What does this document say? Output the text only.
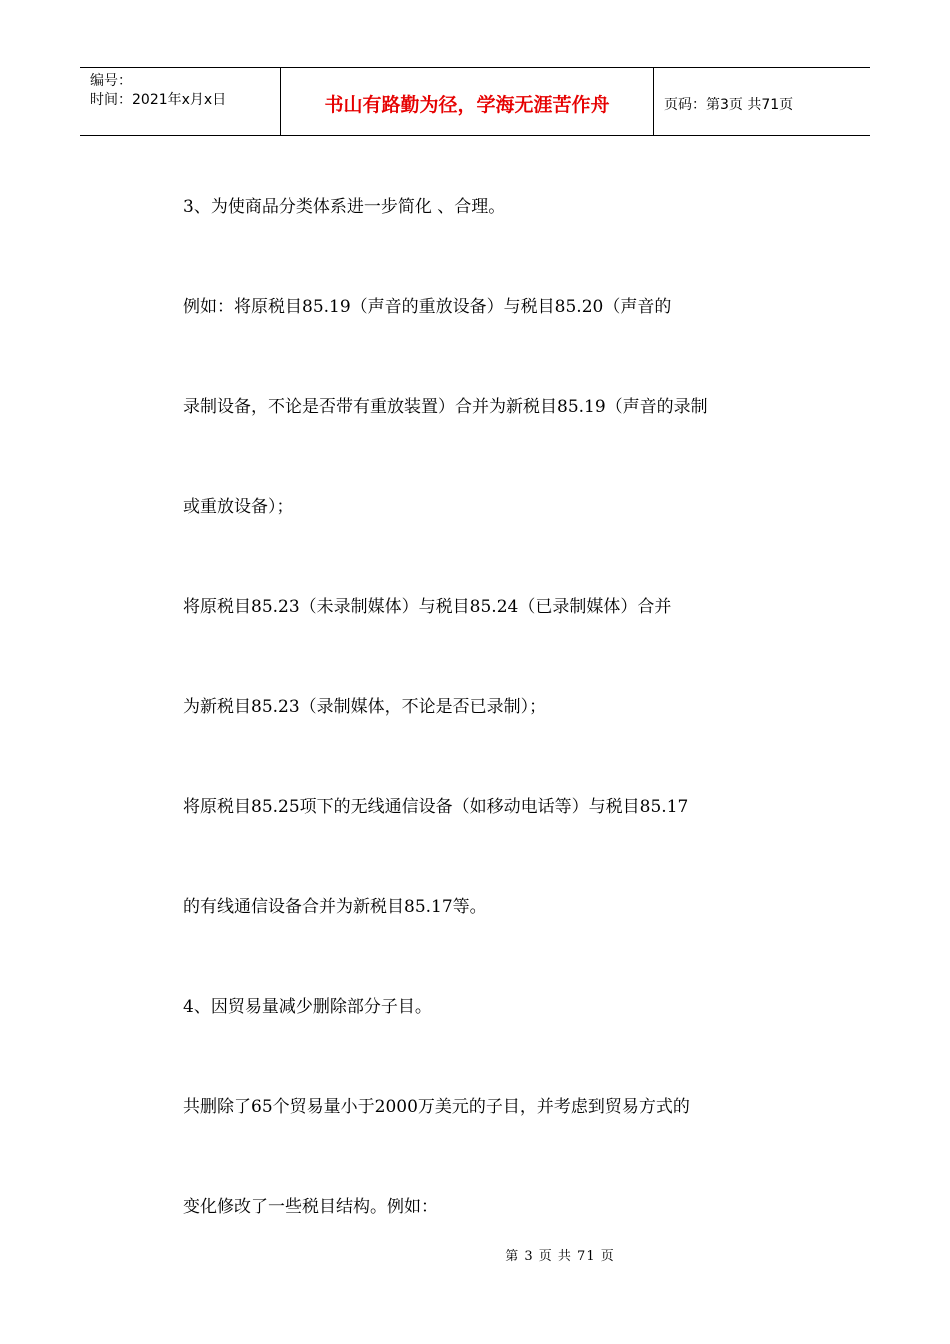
编号：
时间：2021年x月x日	书山有路勤为径，学海无涯苦作舟	页码：第3页 共71页

3、为使商品分类体系进一步简化 、合理。

例如：将原税目85.19（声音的重放设备）与税目85.20（声音的

录制设备，不论是否带有重放装置）合并为新税目85.19（声音的录制

或重放设备）；

将原税目85.23（未录制媒体）与税目85.24（已录制媒体）合并

为新税目85.23（录制媒体，不论是否已录制）；

将原税目85.25项下的无线通信设备（如移动电话等）与税目85.17

的有线通信设备合并为新税目85.17等。

4、因贸易量减少删除部分子目。

共删除了65个贸易量小于2000万美元的子目，并考虑到贸易方式的

变化修改了一些税目结构。例如：

第 3 页 共 71 页
